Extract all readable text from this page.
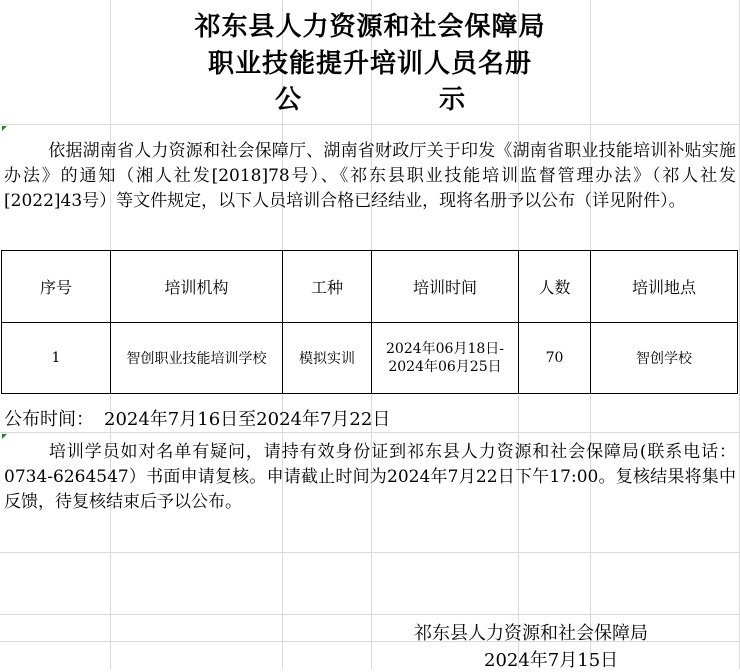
祁东县人力资源和社会保障局
职业技能提升培训人员名册
公	示

依据湖南省人力资源和社会保障厅、湖南省财政厅关于印发《湖南省职业技能培训补贴实施办法》的通知（湘人社发[2018]78号）、《祁东县职业技能培训监督管理办法》（祁人社发[2022]43号）等文件规定，以下人员培训合格已经结业，现将名册予以公布（详见附件）。

序号	培训机构	工种	培训时间	人数	培训地点
1	智创职业技能培训学校	模拟实训	2024年06月18日-
2024年06月25日	70	智创学校
公布时间： 2024年7月16日至2024年7月22日

培训学员如对名单有疑问，请持有效身份证到祁东县人力资源和社会保障局(联系电话：0734-6264547）书面申请复核。申请截止时间为2024年7月22日下午17:00。复核结果将集中反馈，待复核结束后予以公布。

祁东县人力资源和社会保障局
2024年7月15日
